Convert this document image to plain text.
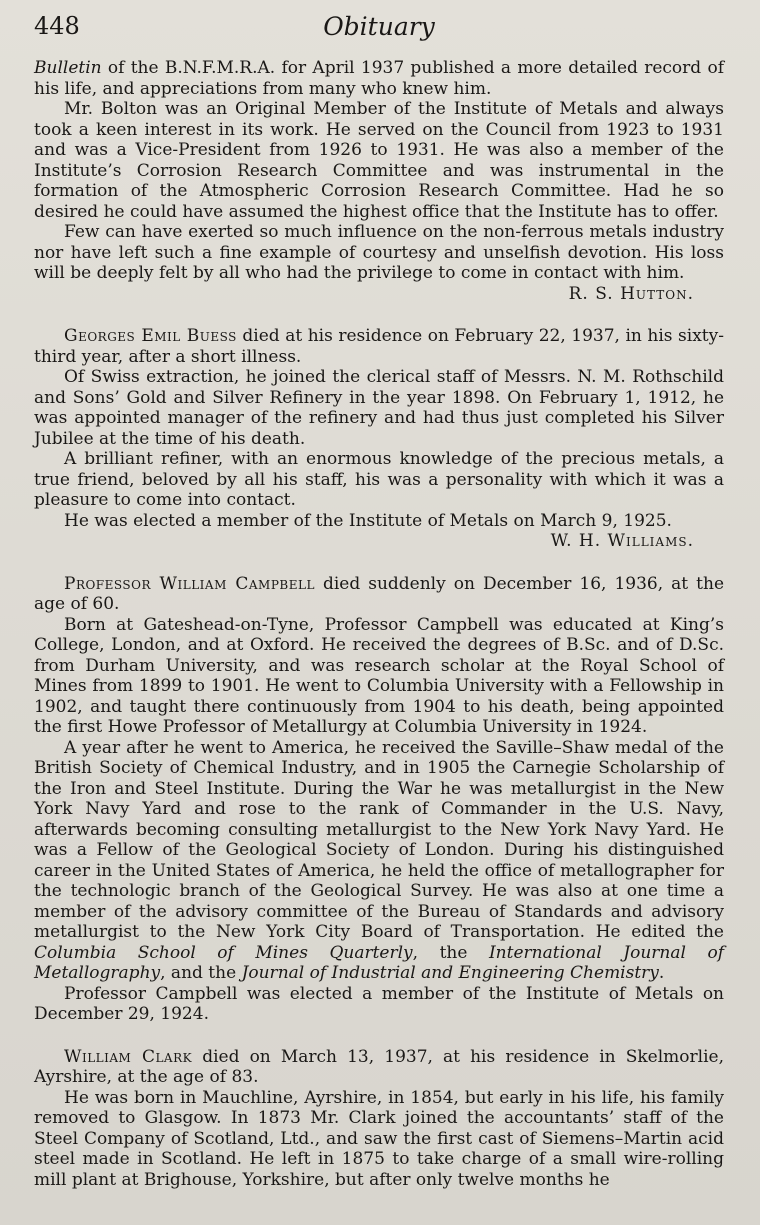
448	Obituary

Bulletin of the B.N.F.M.R.A. for April 1937 published a more detailed record of his life, and appreciations from many who knew him.

Mr. Bolton was an Original Member of the Institute of Metals and always took a keen interest in its work. He served on the Council from 1923 to 1931 and was a Vice-President from 1926 to 1931. He was also a member of the Institute’s Corrosion Research Committee and was instrumental in the formation of the Atmospheric Corrosion Research Committee. Had he so desired he could have assumed the highest office that the Institute has to offer.

Few can have exerted so much influence on the non-ferrous metals industry nor have left such a fine example of courtesy and unselfish devotion. His loss will be deeply felt by all who had the privilege to come in contact with him.

R. S. Hutton.

Georges Emil Buess died at his residence on February 22, 1937, in his sixty-third year, after a short illness.

Of Swiss extraction, he joined the clerical staff of Messrs. N. M. Rothschild and Sons’ Gold and Silver Refinery in the year 1898. On February 1, 1912, he was appointed manager of the refinery and had thus just completed his Silver Jubilee at the time of his death.

A brilliant refiner, with an enormous knowledge of the precious metals, a true friend, beloved by all his staff, his was a personality with which it was a pleasure to come into contact.

He was elected a member of the Institute of Metals on March 9, 1925.

W. H. Williams.

Professor William Campbell died suddenly on December 16, 1936, at the age of 60.

Born at Gateshead-on-Tyne, Professor Campbell was educated at King’s College, London, and at Oxford. He received the degrees of B.Sc. and of D.Sc. from Durham University, and was research scholar at the Royal School of Mines from 1899 to 1901. He went to Columbia University with a Fellowship in 1902, and taught there continuously from 1904 to his death, being appointed the first Howe Professor of Metallurgy at Columbia University in 1924.

A year after he went to America, he received the Saville–Shaw medal of the British Society of Chemical Industry, and in 1905 the Carnegie Scholarship of the Iron and Steel Institute. During the War he was metallurgist in the New York Navy Yard and rose to the rank of Commander in the U.S. Navy, afterwards becoming consulting metallurgist to the New York Navy Yard. He was a Fellow of the Geological Society of London. During his distinguished career in the United States of America, he held the office of metallographer for the technologic branch of the Geological Survey. He was also at one time a member of the advisory committee of the Bureau of Standards and advisory metallurgist to the New York City Board of Transportation. He edited the Columbia School of Mines Quarterly, the International Journal of Metallography, and the Journal of Industrial and Engineering Chemistry.

Professor Campbell was elected a member of the Institute of Metals on December 29, 1924.

William Clark died on March 13, 1937, at his residence in Skelmorlie, Ayrshire, at the age of 83.

He was born in Mauchline, Ayrshire, in 1854, but early in his life, his family removed to Glasgow. In 1873 Mr. Clark joined the accountants’ staff of the Steel Company of Scotland, Ltd., and saw the first cast of Siemens–Martin acid steel made in Scotland. He left in 1875 to take charge of a small wire-rolling mill plant at Brighouse, Yorkshire, but after only twelve months he
